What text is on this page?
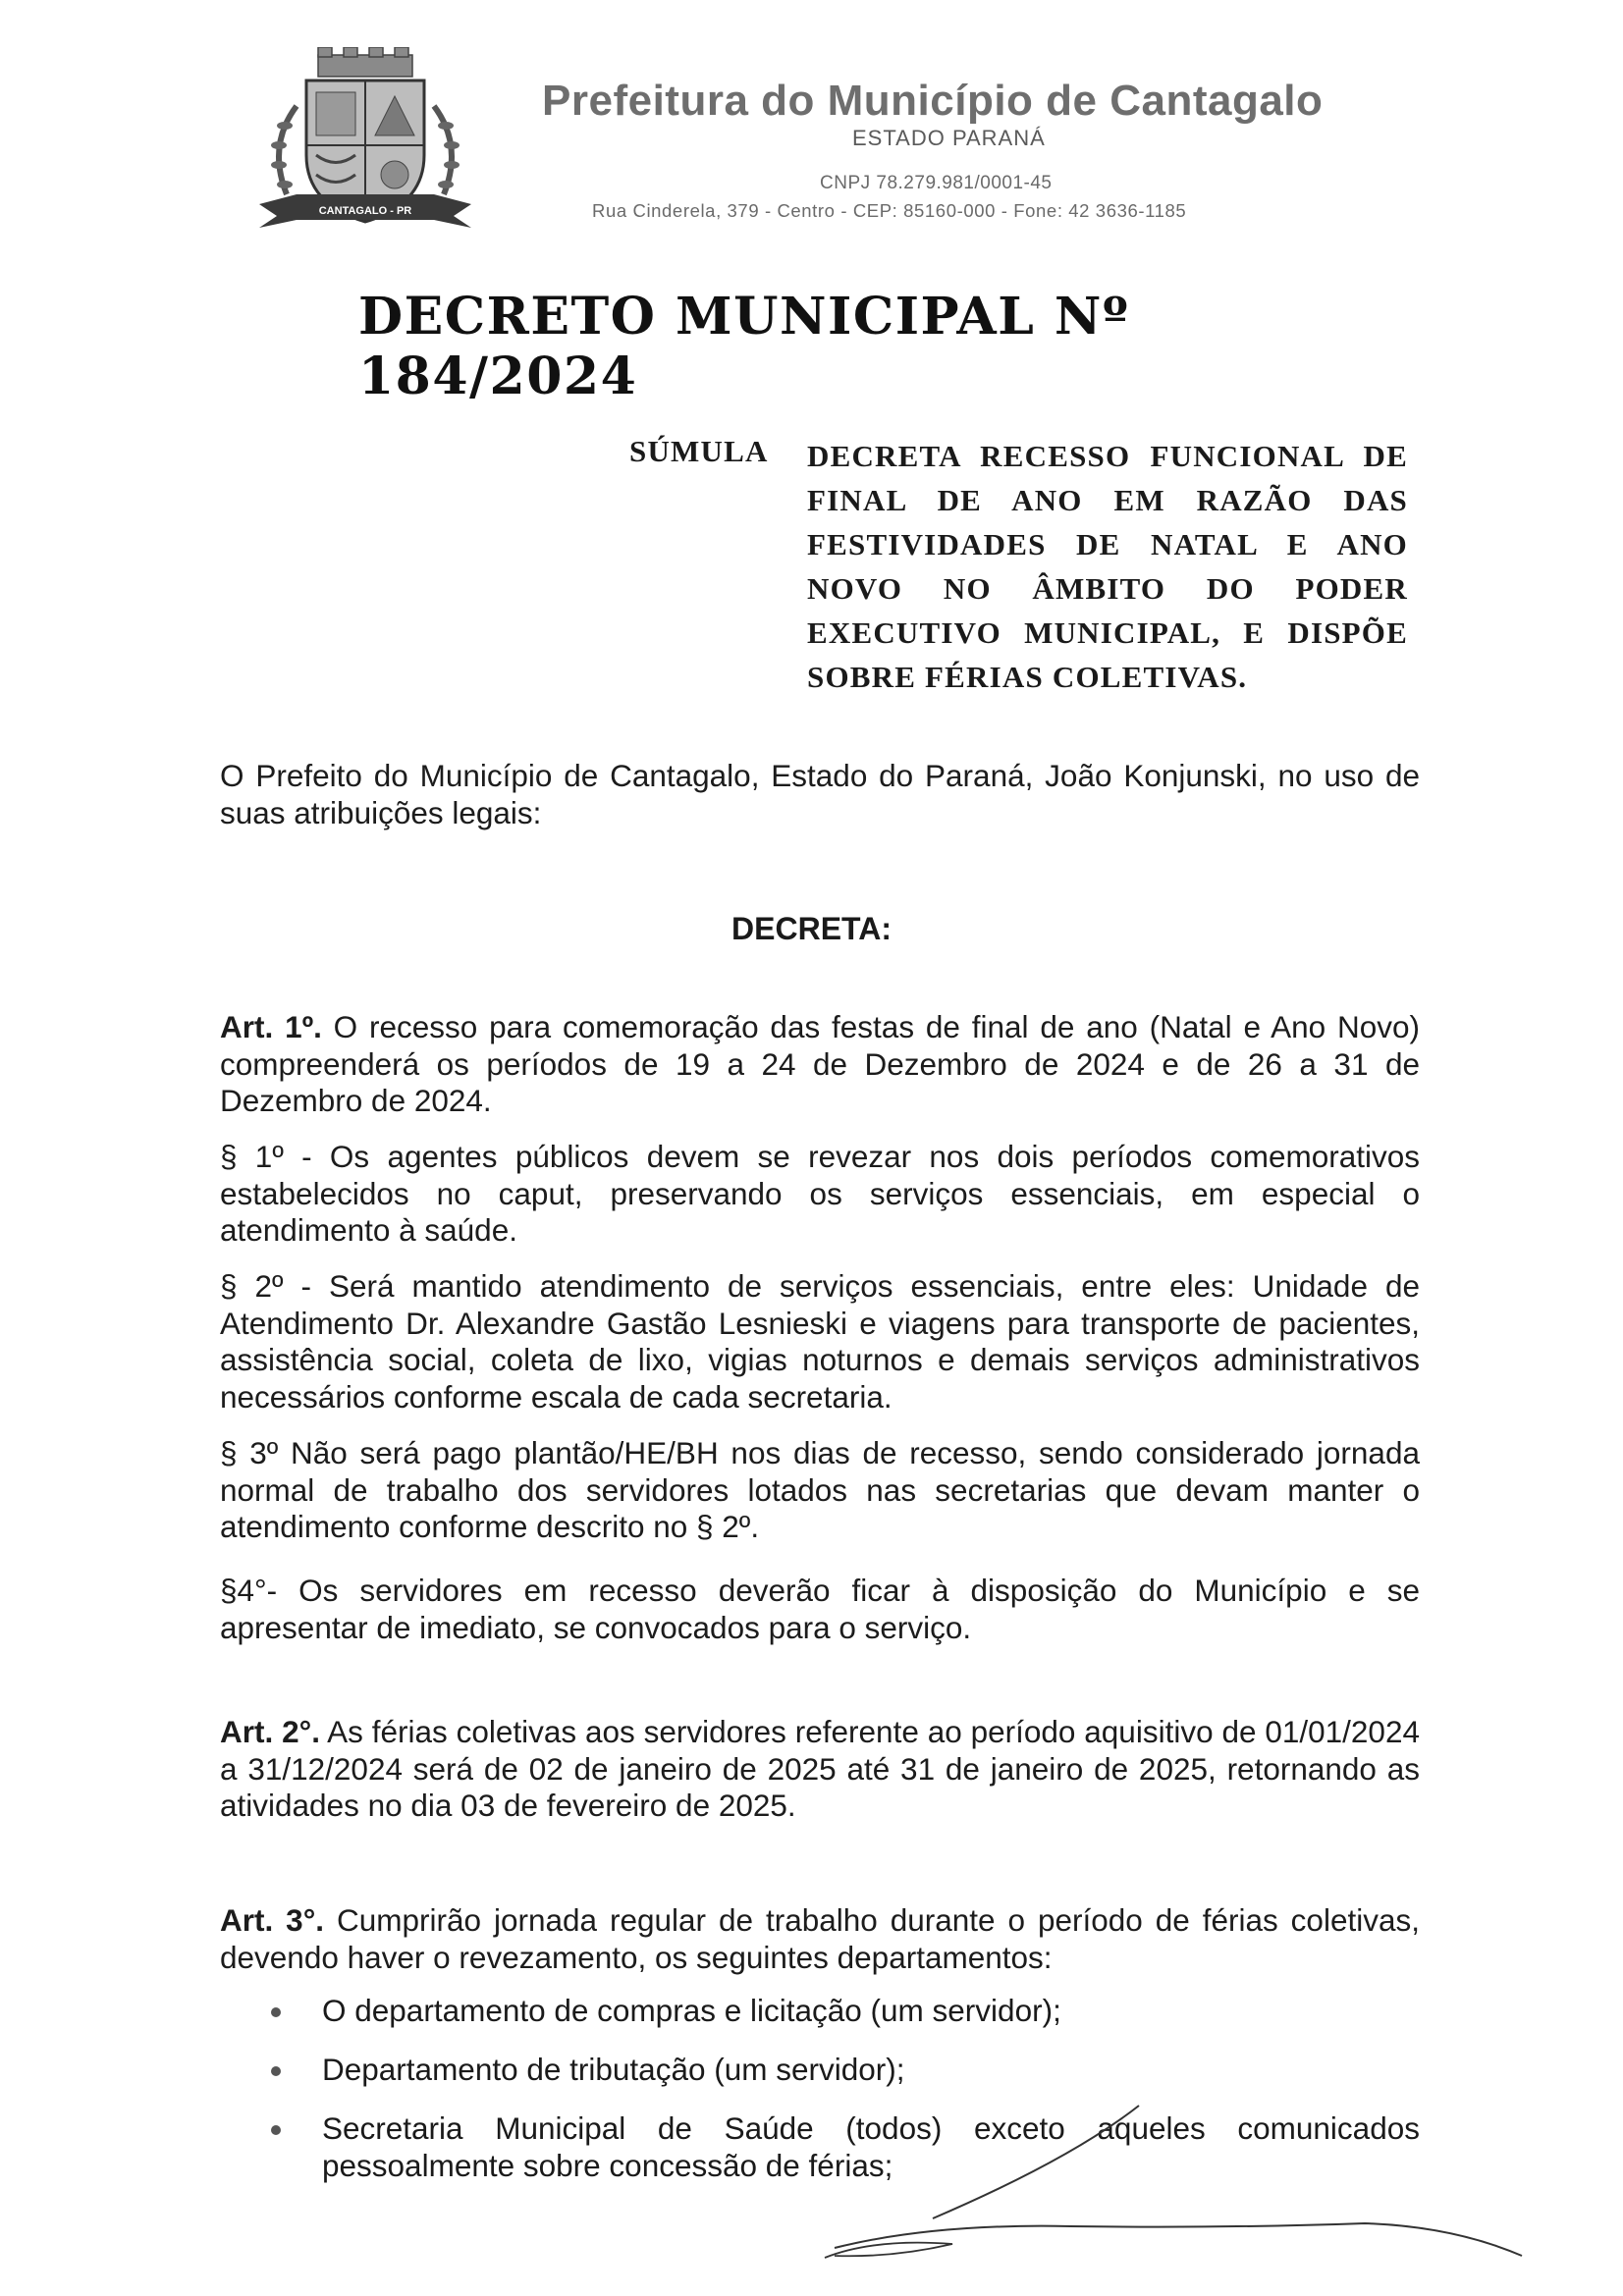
CANTAGALO - PR
Prefeitura do Município de Cantagalo
ESTADO PARANÁ
CNPJ 78.279.981/0001-45
Rua Cinderela, 379 - Centro - CEP: 85160-000 - Fone: 42 3636-1185
DECRETO MUNICIPAL Nº 184/2024
SÚMULA DECRETA RECESSO FUNCIONAL DE FINAL DE ANO EM RAZÃO DAS FESTIVIDADES DE NATAL E ANO NOVO NO ÂMBITO DO PODER EXECUTIVO MUNICIPAL, E DISPÕE SOBRE FÉRIAS COLETIVAS.
O Prefeito do Município de Cantagalo, Estado do Paraná, João Konjunski, no uso de suas atribuições legais:
DECRETA:
Art. 1º. O recesso para comemoração das festas de final de ano (Natal e Ano Novo) compreenderá os períodos de 19 a 24 de Dezembro de 2024 e de 26 a 31 de Dezembro de 2024.
§ 1º - Os agentes públicos devem se revezar nos dois períodos comemorativos estabelecidos no caput, preservando os serviços essenciais, em especial o atendimento à saúde.
§ 2º - Será mantido atendimento de serviços essenciais, entre eles: Unidade de Atendimento Dr. Alexandre Gastão Lesnieski e viagens para transporte de pacientes, assistência social, coleta de lixo, vigias noturnos e demais serviços administrativos necessários conforme escala de cada secretaria.
§ 3º Não será pago plantão/HE/BH nos dias de recesso, sendo considerado jornada normal de trabalho dos servidores lotados nas secretarias que devam manter o atendimento conforme descrito no § 2º.
§4°- Os servidores em recesso deverão ficar à disposição do Município e se apresentar de imediato, se convocados para o serviço.
Art. 2°. As férias coletivas aos servidores referente ao período aquisitivo de 01/01/2024 a 31/12/2024 será de 02 de janeiro de 2025 até 31 de janeiro de 2025, retornando as atividades no dia 03 de fevereiro de 2025.
Art. 3°. Cumprirão jornada regular de trabalho durante o período de férias coletivas, devendo haver o revezamento, os seguintes departamentos:
O departamento de compras e licitação (um servidor);
Departamento de tributação (um servidor);
Secretaria Municipal de Saúde (todos) exceto aqueles comunicados pessoalmente sobre concessão de férias;
